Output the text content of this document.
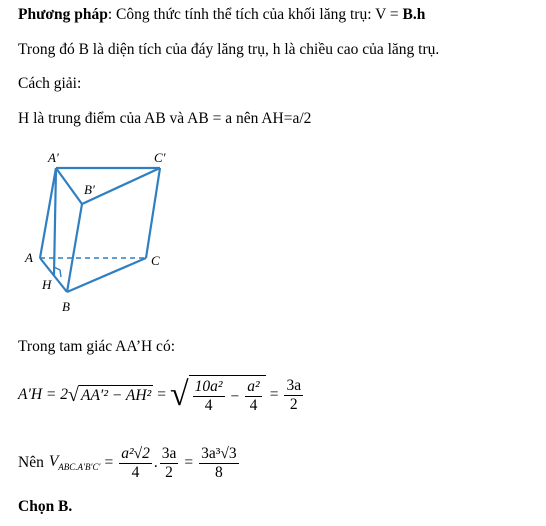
Phương pháp: Công thức tính thể tích của khối lăng trụ: V = B.h
Trong đó B là diện tích của đáy lăng trụ, h là chiều cao của lăng trụ.
Cách giải:
H là trung điểm của AB và AB = a nên AH=a/2
A′	C′
B′
A	C
H
B
Trong tam giác AA’H có:
A′H = 2 √ AA′² − AH² = √ $\frac{\text{10a²}}{4} - \frac{\text{a²}}{4} = \frac{3a}{2}$
Nên $V_{ABC.A'B'C'} = \frac{\text{a²√2}}{4}$ . $\frac{3a}{2} = \frac{\text{3a³√3}}{8}$
Chọn B.
